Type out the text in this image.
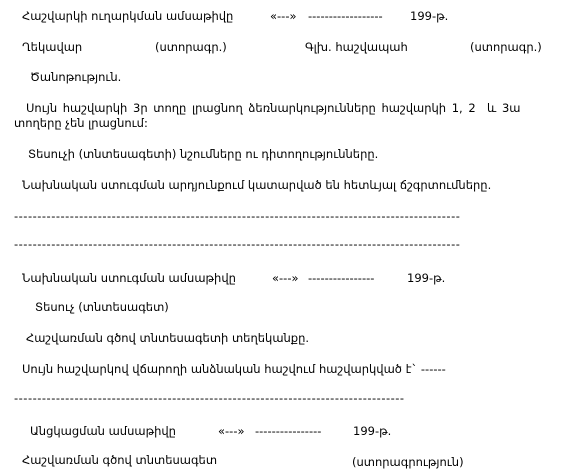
Հաշվարկի ուղարկման ամսաթիվը	«---» ------------------ 199-թ.
Ղեկավար	(ստորագր.)	Գլխ. հաշվապահ	(ստորագր.)
Ծանոթություն.
Սույն հաշվարկի 3ր տողը լրացնող ձեռնարկությունները հաշվարկի 1, 2  և 3ա
տողերը չեն լրացնում:
Տեսուչի (տնտեսագետի) նշումները ու դիտողությունները.
Նախնական ստուգման արդյունքում կատարված են հետևյալ ճշգրտումները.
------------------------------------------------------------------------------------------------
------------------------------------------------------------------------------------------------
Նախնական ստուգման ամսաթիվը	«---» ----------------	199-թ.
Տեսուչ (տնտեսագետ)
Հաշվառման գծով տնտեսագետի տեղեկանքը.
Սույն հաշվարկով վճարողի անձնական հաշվում հաշվարկված է` ------
------------------------------------------------------------------------------------
Անցկացման ամսաթիվը	«---» ----------------	199-թ.
Հաշվառման գծով տնտեսագետ	(ստորագրություն)
